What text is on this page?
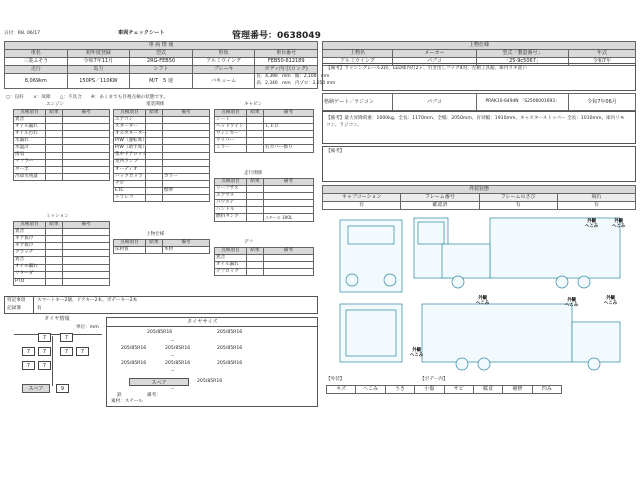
日付：R8. 06/17	車両チェックシート	管理番号：0638049
車 両 情 報				
車名	初年度登録	型式	形状	車台番号
三菱ふそう	令和7年11月	2RG-FEB50	アルミウイング	FEB50-612189
走行	馬力	シフト	ブレーキ	ボディ内寸(ロング)
8,069km	150PS／110KW	M/T　5 速	バキューム	長：4,390　mm　幅：2,100　mm
高：2,340　mm　内プロ：2,250 mm
○：良好　　×：故障　　△：不具合　　※：あくまでも目視点検の状態です。
エンジン
点検項目	結果	備考
異音		
オイル漏れ		
オイル汚れ		
水漏れ		
水温計		
排気		
マフラー		
ターボ		
冷却水残量		
ミッション
点検項目	結果	備考
異音		
ギア抜け		
ギア抜け		
クラッチ		
異音		
オイル漏れ		
リターダ		
PTO		
電装関係
点検項目	結果	備考
エアコン		
スターター		
オルタネーター		
P/W（運転席）		
P/W（助手席）		
集中ドアロック		
室内ランプ		
オーディオ		
バックカメラ		カラー
ナビ		
ETC		標準
ドラレコ		
上物仕様
点検項目	結果	備考
床材質		木材
キャビン
点検項目	結果	備考
シート		
ヘッドライト		ＬＥＤ
ウィンカー		
ワイパー		
ミラー		右カバー擦り
走行関係
点検項目	結果	備考
リーフサス		
エアサス		
パワステ		
ハンドル		
燃料タンク		スチール 100L
デフ
点検項目	結果	備考
異音		
オイル漏れ		
デフロック		
特記事項
記録簿
スマートキー2個、ドアキー2本、ボデーキー2本
有
タイヤ情報
単位：mm
7	7
7	7	7	7
7	7
スペア	9
タイヤサイズ
205/85R16	205/85R16
--
205/85R16	205/85R16	205/85R16
--
205/85R16	205/85R16	205/85R16
--
スペア	205/85R16
--
鉄
素材：スチール
備考：
上物仕様			
上物名	メーカー	型式「製造番号」	年式
アルミウイング	パブコ	「25-9c5067」	令和7年
【備考】ラッシングレール2段、LED庫内灯2ヶ、引き出しフック4対、左側工具箱、庫内ラキ洗い
格納ゲート／ラジコン	パブコ	PRAK10-6494N 「S2506001693」	令和7年06月
【備考】最大昇降荷重：1000kg、全長：1170mm、全幅：2050mm、有効幅：1910mm、キャスターストッパー 全長：1010mm、庫内リモコン、ラジコン。
【備考】
外装状態			
キャブコーション	フレーム番号	フレームのさび	飛石
有	確認済	有	有
外観
へこみ
外観
へこみ
外観
へこみ
外観
へこみ
外観
へこみ
外観
へこみ
【外装】	【ボデー内】
キズ	へこみ	うき	小傷	サビ	腐食	補修	凹み
